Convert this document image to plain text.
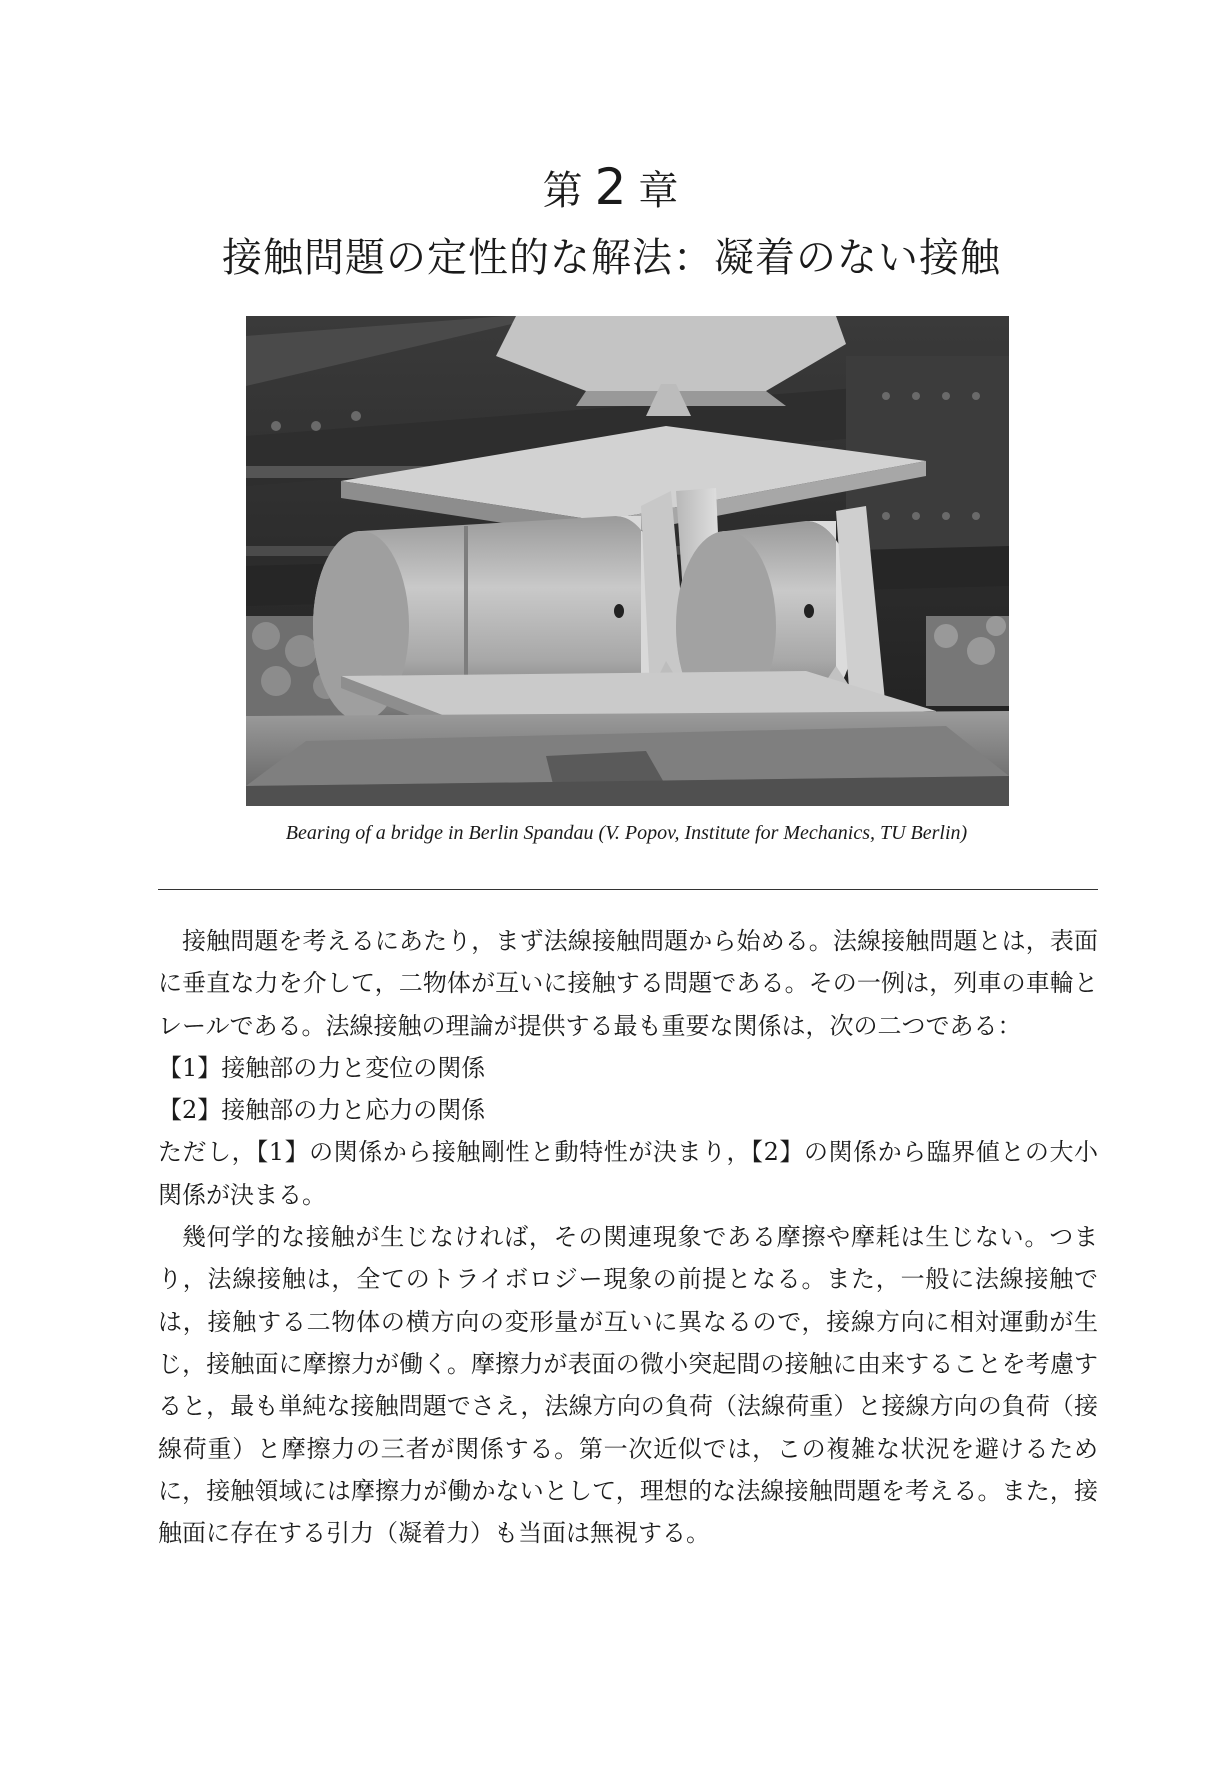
第 2 章
接触問題の定性的な解法：凝着のない接触
Bearing of a bridge in Berlin Spandau (V. Popov, Institute for Mechanics, TU Berlin)

接触問題を考えるにあたり，まず法線接触問題から始める。法線接触問題とは，表面に垂直な力を介して，二物体が互いに接触する問題である。その一例は，列車の車輪とレールである。法線接触の理論が提供する最も重要な関係は，次の二つである：

【1】接触部の力と変位の関係

【2】接触部の力と応力の関係

ただし，【1】の関係から接触剛性と動特性が決まり，【2】の関係から臨界値との大小関係が決まる。

幾何学的な接触が生じなければ，その関連現象である摩擦や摩耗は生じない。つまり，法線接触は，全てのトライボロジー現象の前提となる。また，一般に法線接触では，接触する二物体の横方向の変形量が互いに異なるので，接線方向に相対運動が生じ，接触面に摩擦力が働く。摩擦力が表面の微小突起間の接触に由来することを考慮すると，最も単純な接触問題でさえ，法線方向の負荷（法線荷重）と接線方向の負荷（接線荷重）と摩擦力の三者が関係する。第一次近似では，この複雑な状況を避けるために，接触領域には摩擦力が働かないとして，理想的な法線接触問題を考える。また，接触面に存在する引力（凝着力）も当面は無視する。
